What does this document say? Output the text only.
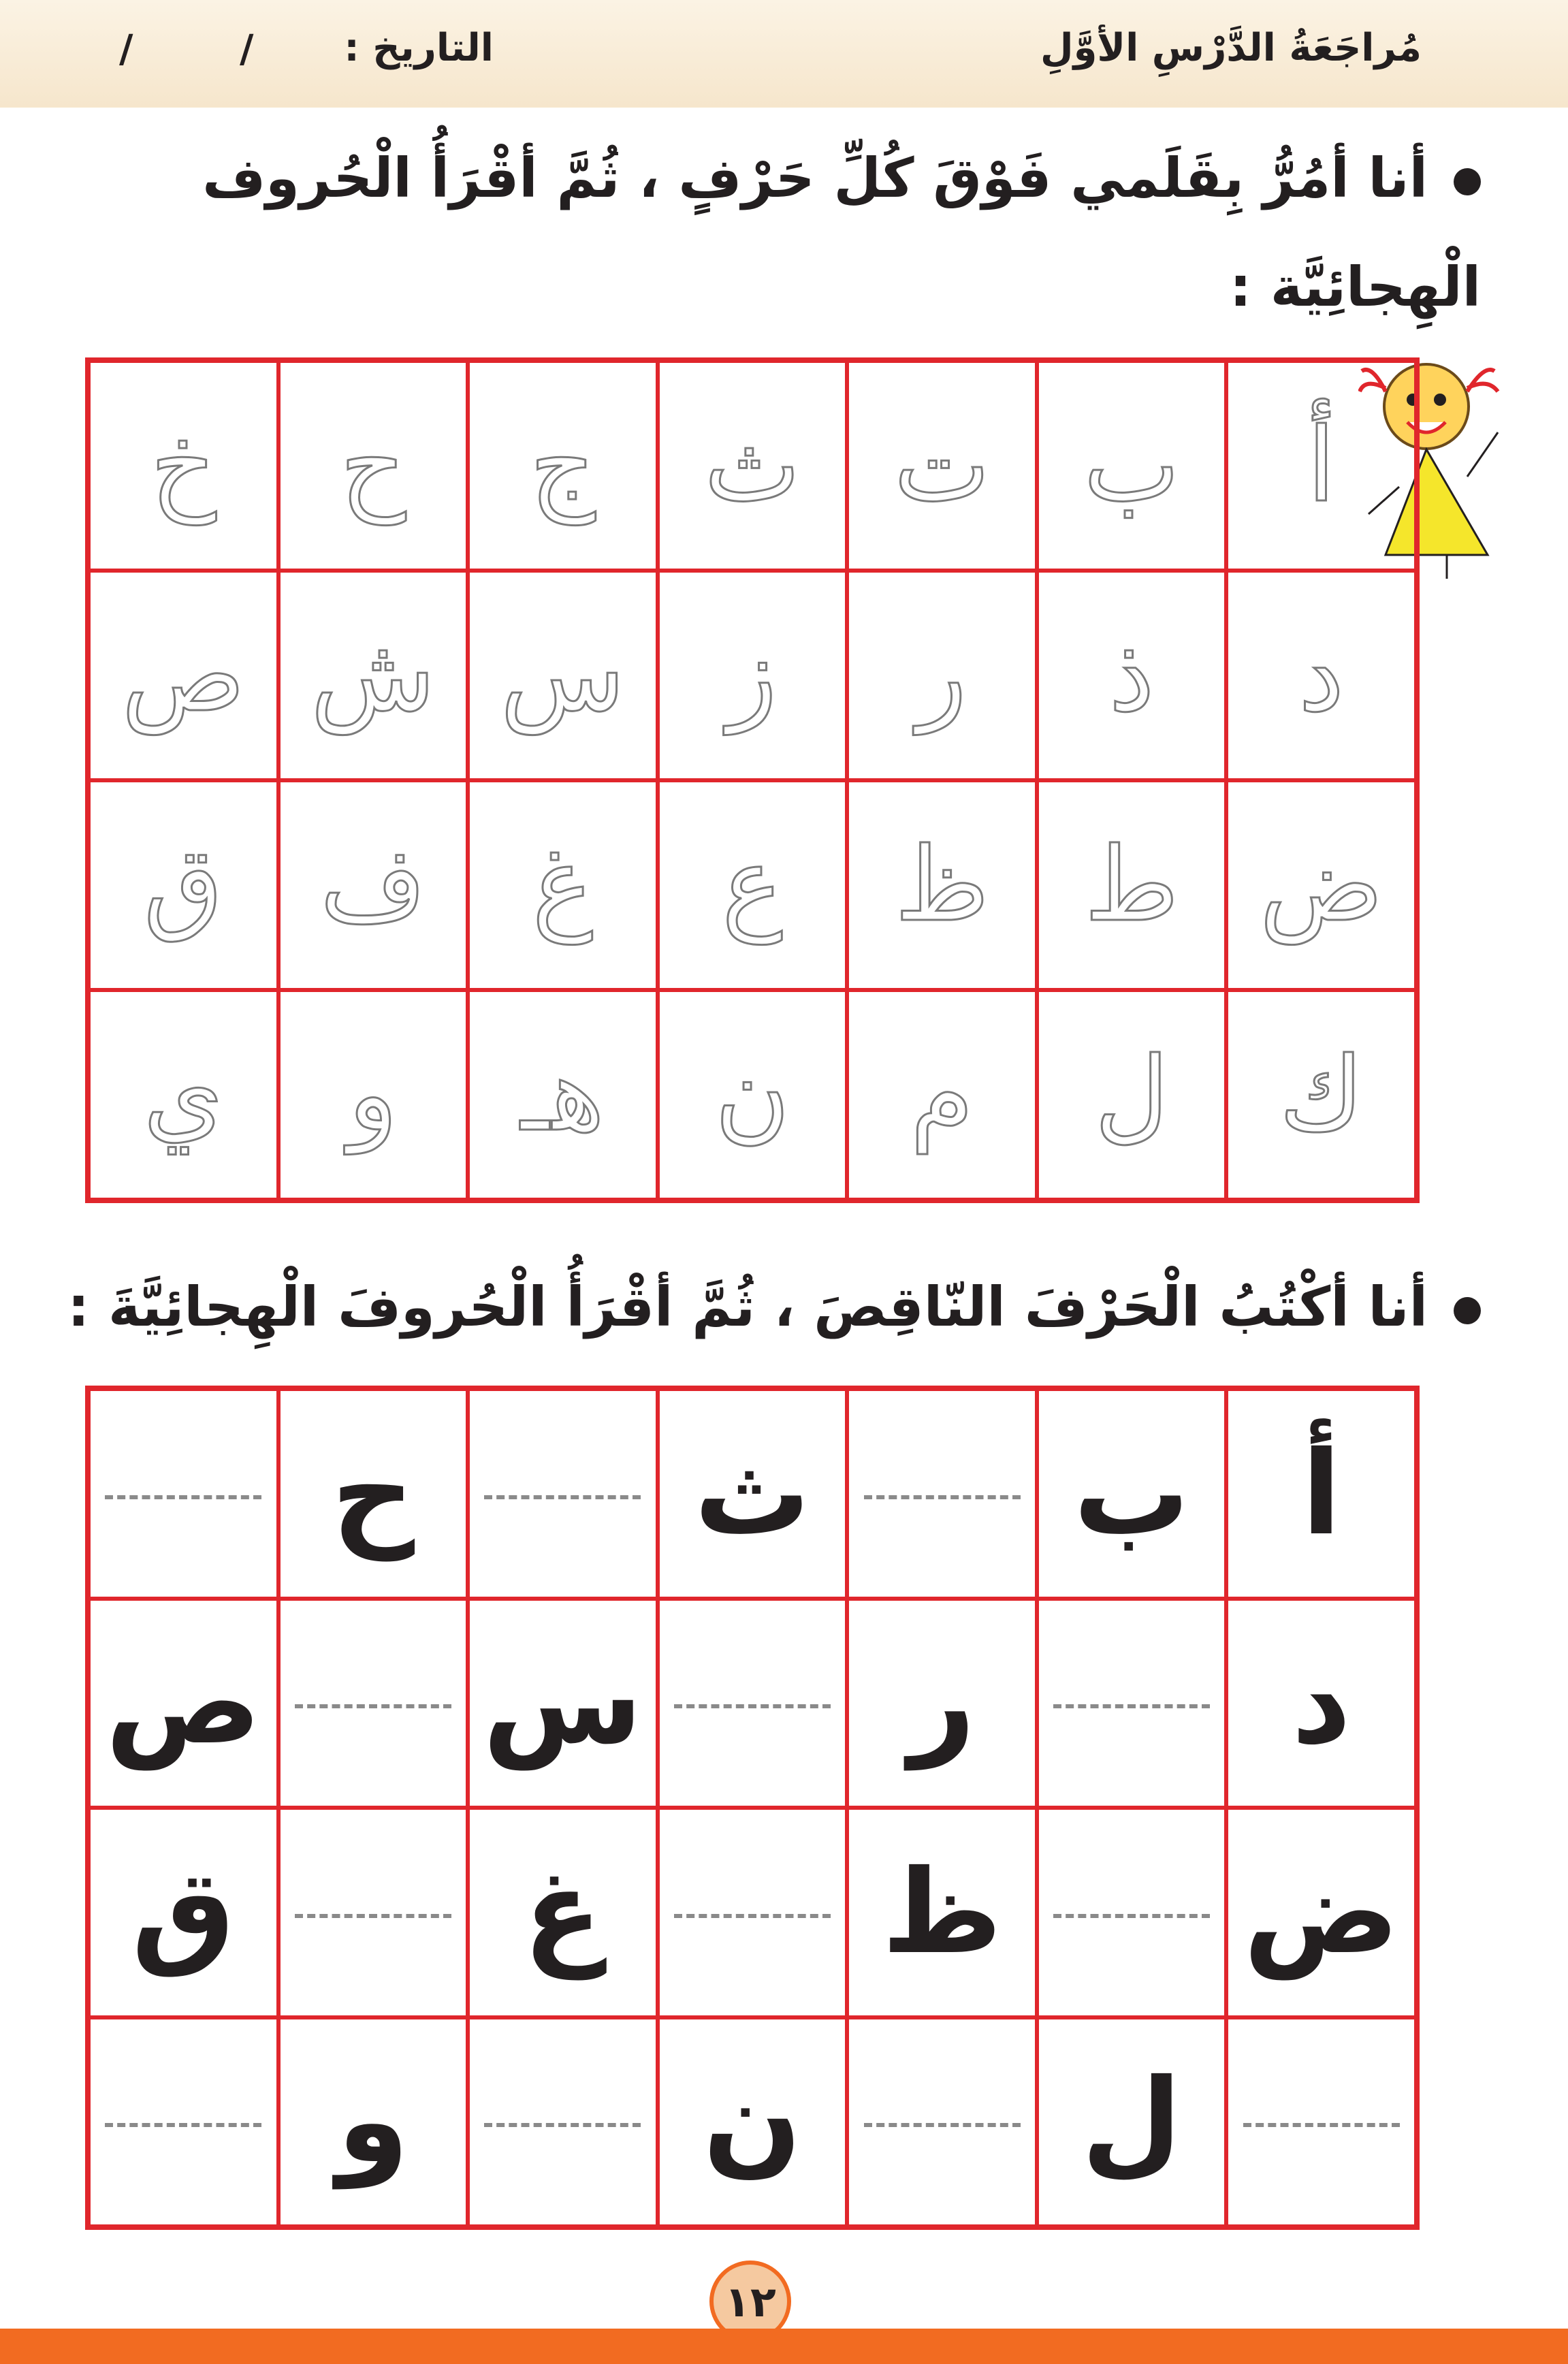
مُراجَعَةُ الدَّرْسِ الأوَّلِ
التاريخ :
/
/
أنا أمُرُّ بِقَلَمي فَوْقَ كُلِّ حَرْفٍ ، ثُمَّ أقْرَأُ الْحُروف
الْهِجائِيَّة :
أ
ب
ت
ث
ج
ح
خ
د
ذ
ر
ز
س
ش
ص
ض
ط
ظ
ع
غ
ف
ق
ك
ل
م
ن
هـ
و
ي
أنا أكْتُبُ الْحَرْفَ النّاقِصَ ، ثُمَّ أقْرَأُ الْحُروفَ الْهِجائِيَّةَ :
أ
ب
ث
ح
د
ر
س
ص
ض
ظ
غ
ق
ل
ن
و
١٢
